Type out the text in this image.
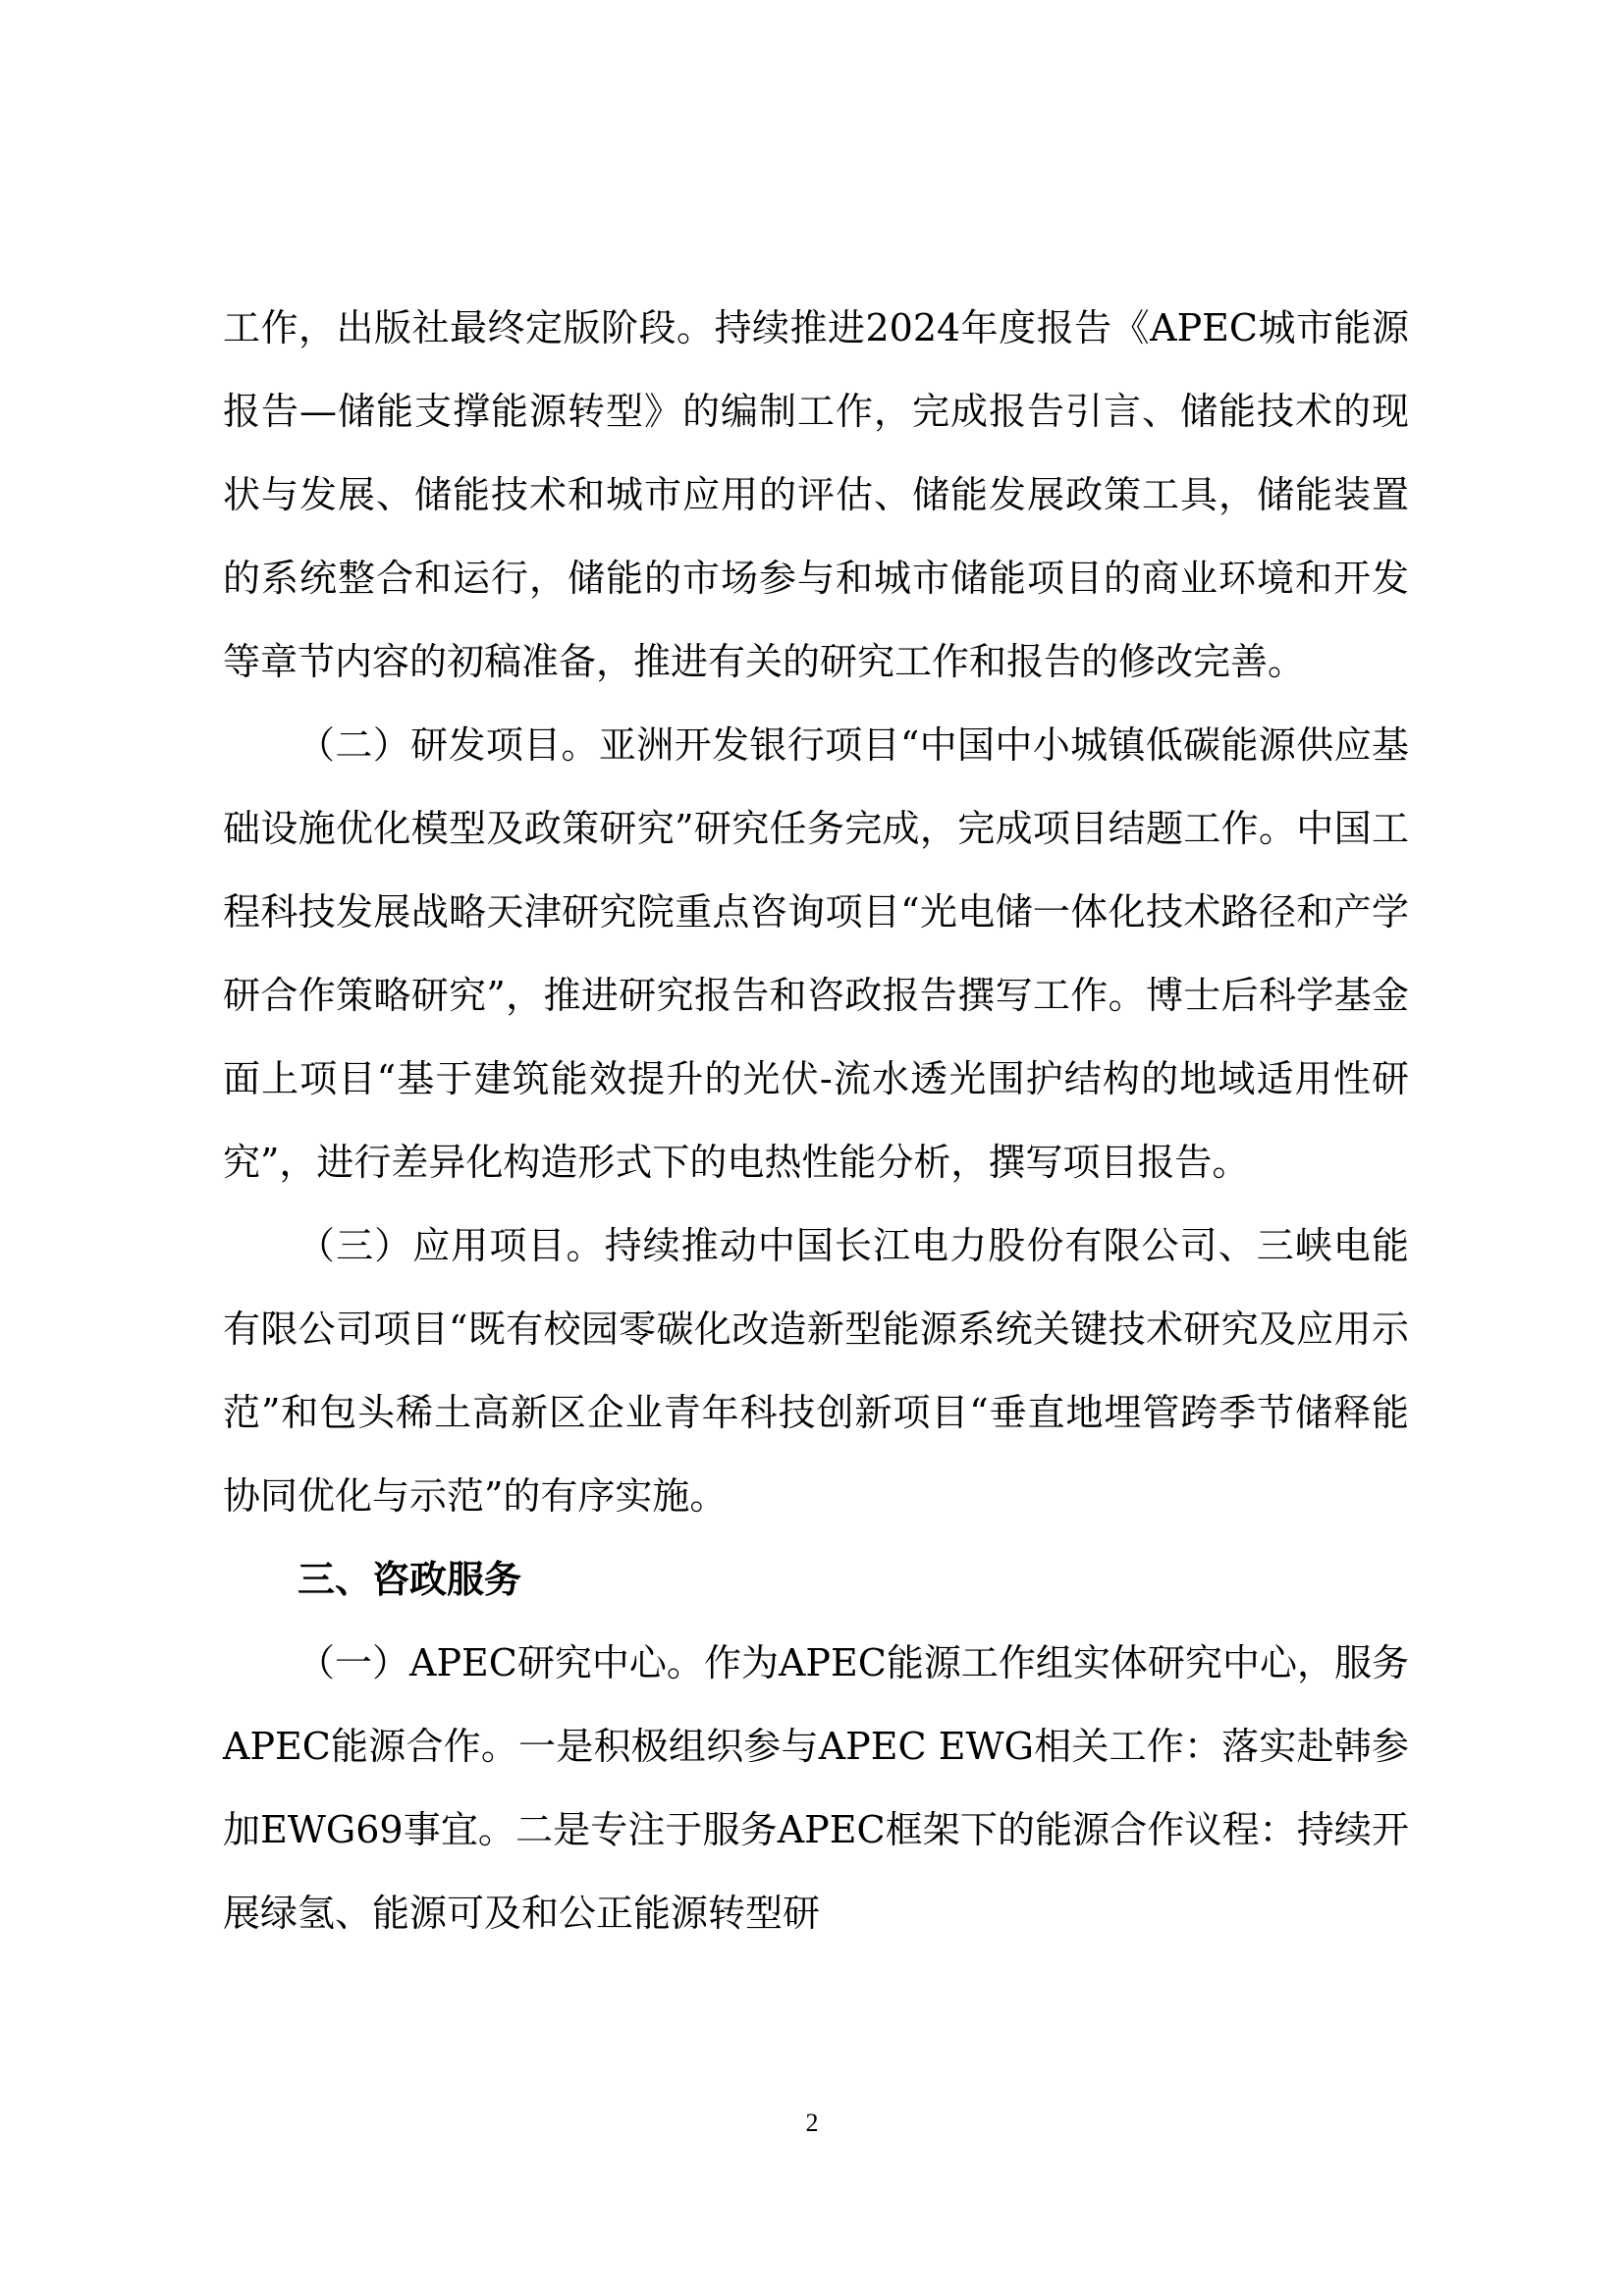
工作，出版社最终定版阶段。持续推进2024年度报告《APEC城市能源报告—储能支撑能源转型》的编制工作，完成报告引言、储能技术的现状与发展、储能技术和城市应用的评估、储能发展政策工具，储能装置的系统整合和运行，储能的市场参与和城市储能项目的商业环境和开发等章节内容的初稿准备，推进有关的研究工作和报告的修改完善。

（二）研发项目。亚洲开发银行项目“中国中小城镇低碳能源供应基础设施优化模型及政策研究”研究任务完成，完成项目结题工作。中国工程科技发展战略天津研究院重点咨询项目“光电储一体化技术路径和产学研合作策略研究”，推进研究报告和咨政报告撰写工作。博士后科学基金面上项目“基于建筑能效提升的光伏-流水透光围护结构的地域适用性研究”，进行差异化构造形式下的电热性能分析，撰写项目报告。

（三）应用项目。持续推动中国长江电力股份有限公司、三峡电能有限公司项目“既有校园零碳化改造新型能源系统关键技术研究及应用示范”和包头稀土高新区企业青年科技创新项目“垂直地埋管跨季节储释能协同优化与示范”的有序实施。

三、咨政服务

（一）APEC研究中心。作为APEC能源工作组实体研究中心，服务APEC能源合作。一是积极组织参与APEC EWG相关工作：落实赴韩参加EWG69事宜。二是专注于服务APEC框架下的能源合作议程：持续开展绿氢、能源可及和公正能源转型研

2
